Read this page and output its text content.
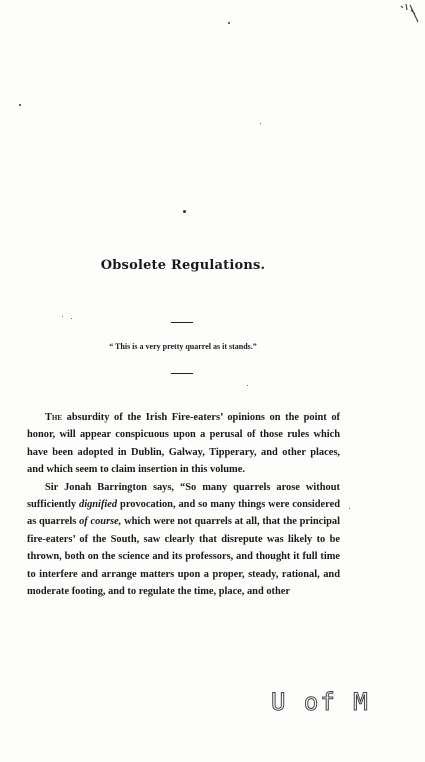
Obsolete Regulations.
“ This is a very pretty quarrel as it stands.”

The absurdity of the Irish Fire-eaters’ opinions on the point of honor, will appear conspicuous upon a perusal of those rules which have been adopted in Dublin, Galway, Tipperary, and other places, and which seem to claim insertion in this volume.

Sir Jonah Barrington says, “So many quarrels arose without sufficiently dignified provocation, and so many things were considered as quarrels of course, which were not quarrels at all, that the principal fire-eaters’ of the South, saw clearly that disrepute was likely to be thrown, both on the science and its professors, and thought it full time to interfere and arrange matters upon a proper, steady, rational, and moderate footing, and to regulate the time, place, and other

U of M
